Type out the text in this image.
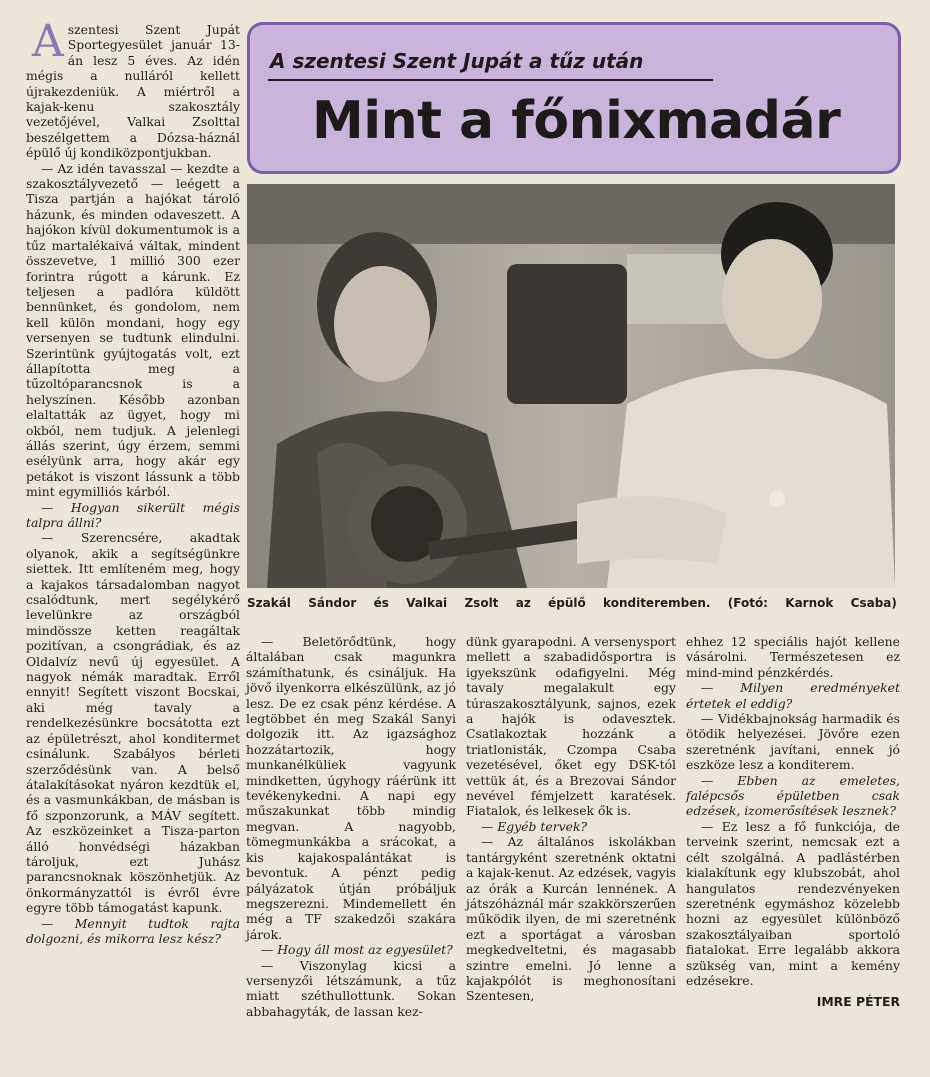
A szentesi Szent Jupát a tűz után
Mint a főnixmadár
Szakál Sándor és Valkai Zsolt az épülő konditeremben. (Fotó: Karnok Csaba)
A szentesi Szent Jupát Sportegyesület január 13-án lesz 5 éves. Az idén mégis a nulláról kellett újrakezdeniük. A miértről a kajak-kenu szakosztály vezetőjével, Valkai Zsolttal beszélgettem a Dózsa-háznál épülő új kondiközpontjukban.

— Az idén tavasszal — kezdte a szakosztályvezető — leégett a Tisza partján a hajókat tároló házunk, és minden odaveszett. A hajókon kívül dokumentumok is a tűz martalékaivá váltak, mindent összevetve, 1 millió 300 ezer forintra rúgott a kárunk. Ez teljesen a padlóra küldött bennünket, és gondolom, nem kell külön mondani, hogy egy versenyen se tudtunk elindulni. Szerintünk gyújtogatás volt, ezt állapította meg a tűzoltóparancsnok is a helyszínen. Később azonban elaltatták az ügyet, hogy mi okból, nem tudjuk. A jelenlegi állás szerint, úgy érzem, semmi esélyünk arra, hogy akár egy petákot is viszont lássunk a több mint egymilliós kárból.

— Hogyan sikerült mégis talpra állni?

— Szerencsére, akadtak olyanok, akik a segítségünkre siettek. Itt említeném meg, hogy a kajakos társadalomban nagyot csalódtunk, mert segélykérő levelünkre az országból mindössze ketten reagáltak pozitívan, a csongrádiak, és az Oldalvíz nevű új egyesület. A nagyok némák maradtak. Erről ennyit! Segített viszont Bocskai, aki még tavaly a rendelkezésünkre bocsátotta ezt az épületrészt, ahol konditermet csinálunk. Szabályos bérleti szerződésünk van. A belső átalakításokat nyáron kezdtük el, és a vasmunkákban, de másban is fő szponzorunk, a MÁV segített. Az eszközeinket a Tisza-parton álló honvédségi házakban tároljuk, ezt Juhász parancsnoknak köszönhetjük. Az önkormányzattól is évről évre egyre több támogatást kapunk.

— Mennyit tudtok rajta dolgozni, és mikorra lesz kész?

— Beletörődtünk, hogy általában csak magunkra számíthatunk, és csináljuk. Ha jövő ilyenkorra elkészülünk, az jó lesz. De ez csak pénz kérdése. A legtöbbet én meg Szakál Sanyi dolgozik itt. Az igazsághoz hozzátartozik, hogy munkanélküliek vagyunk mindketten, úgyhogy ráérünk itt tevékenykedni. A napi egy műszakunkat több mindig megvan. A nagyobb, tömegmunkákba a srácokat, a kis kajakospalántákat is bevontuk. A pénzt pedig pályázatok útján próbáljuk megszerezni. Mindemellett én még a TF szakedzői szakára járok.

— Hogy áll most az egyesület?

— Viszonylag kicsi a versenyzői létszámunk, a tűz miatt széthullottunk. Sokan abbahagyták, de lassan kez-

dünk gyarapodni. A versenysport mellett a szabadidősportra is igyekszünk odafigyelni. Még tavaly megalakult egy túraszakosztályunk, sajnos, ezek a hajók is odavesztek. Csatlakoztak hozzánk a triatlonisták, Czompa Csaba vezetésével, őket egy DSK-tól vettük át, és a Brezovai Sándor nevével fémjelzett karatések. Fiatalok, és lelkesek ők is.

— Egyéb tervek?

— Az általános iskolákban tantárgyként szeretnénk oktatni a kajak-kenut. Az edzések, vagyis az órák a Kurcán lennének. A játszóháznál már szakkörszerűen működik ilyen, de mi szeretnénk ezt a sportágat a városban megkedveltetni, és magasabb szintre emelni. Jó lenne a kajakpólót is meghonosítani Szentesen,

ehhez 12 speciális hajót kellene vásárolni. Természetesen ez mind-mind pénzkérdés.

— Milyen eredményeket értetek el eddig?

— Vidékbajnokság harmadik és ötödik helyezései. Jövőre ezen szeretnénk javítani, ennek jó eszköze lesz a konditerem.

— Ebben az emeletes, falépcsős épületben csak edzések, izomerősítések lesznek?

— Ez lesz a fő funkciója, de terveink szerint, nemcsak ezt a célt szolgálná. A padlástérben kialakítunk egy klubszobát, ahol hangulatos rendezvényeken szeretnénk egymáshoz közelebb hozni az egyesület különböző szakosztályaiban sportoló fiatalokat. Erre legalább akkora szükség van, mint a kemény edzésekre.

IMRE PÉTER
